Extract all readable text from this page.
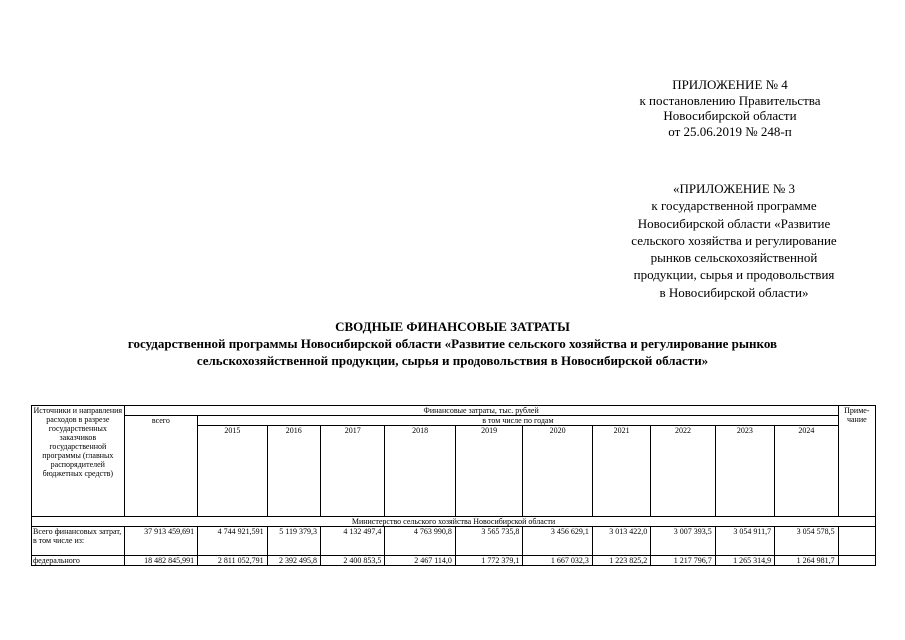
ПРИЛОЖЕНИЕ № 4
к постановлению Правительства
Новосибирской области
от 25.06.2019 № 248-п
«ПРИЛОЖЕНИЕ № 3
к государственной программе
Новосибирской области «Развитие
сельского хозяйства и регулирование
рынков сельскохозяйственной
продукции, сырья и продовольствия
в Новосибирской области»
СВОДНЫЕ ФИНАНСОВЫЕ ЗАТРАТЫ
государственной программы Новосибирской области «Развитие сельского хозяйства и регулирование рынков
сельскохозяйственной продукции, сырья и продовольствия в Новосибирской области»
Источники и направления расходов в разрезе государственных заказчиков государственной программы (главных распорядителей бюджетных средств)	Финансовые затраты, тыс. рублей											Приме-чание
	всего	в том числе по годам										
		2015	2016	2017	2018	2019	2020	2021	2022	2023	2024	
Министерство сельского хозяйства Новосибирской области												
Всего финансовых затрат, в том числе из:	37 913 459,691	4 744 921,591	5 119 379,3	4 132 497,4	4 763 990,8	3 565 735,8	3 456 629,1	3 013 422,0	3 007 393,5	3 054 911,7	3 054 578,5	
федерального	18 482 845,991	2 811 052,791	2 392 495,8	2 400 853,5	2 467 114,0	1 772 379,1	1 667 032,3	1 223 825,2	1 217 796,7	1 265 314,9	1 264 981,7	
